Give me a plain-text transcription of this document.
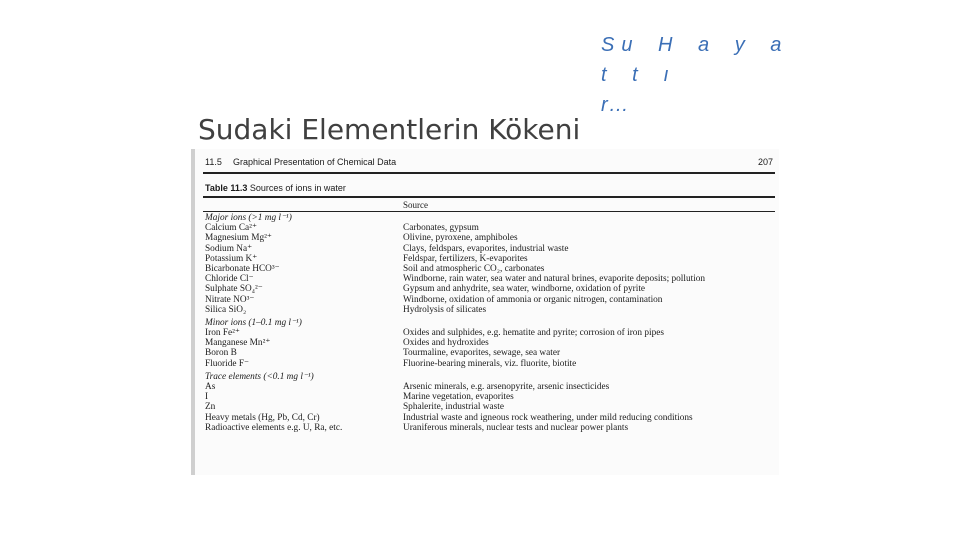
Su H a y a t t ı
r…
Sudaki Elementlerin Kökeni
11.5 Graphical Presentation of Chemical Data	207
Table 11.3 Sources of ions in water
Source
Major ions (>1 mg l⁻¹)
Calcium Ca²⁺	Carbonates, gypsum
Magnesium Mg²⁺	Olivine, pyroxene, amphiboles
Sodium Na⁺	Clays, feldspars, evaporites, industrial waste
Potassium K⁺	Feldspar, fertilizers, K-evaporites
Bicarbonate HCO³⁻	Soil and atmospheric CO₂, carbonates
Chloride Cl⁻	Windborne, rain water, sea water and natural brines, evaporite deposits; pollution
Sulphate SO₄²⁻	Gypsum and anhydrite, sea water, windborne, oxidation of pyrite
Nitrate NO³⁻	Windborne, oxidation of ammonia or organic nitrogen, contamination
Silica SiO₂	Hydrolysis of silicates
Minor ions (1–0.1 mg l⁻¹)
Iron Fe²⁺	Oxides and sulphides, e.g. hematite and pyrite; corrosion of iron pipes
Manganese Mn²⁺	Oxides and hydroxides
Boron B	Tourmaline, evaporites, sewage, sea water
Fluoride F⁻	Fluorine-bearing minerals, viz. fluorite, biotite
Trace elements (<0.1 mg l⁻¹)
As	Arsenic minerals, e.g. arsenopyrite, arsenic insecticides
I	Marine vegetation, evaporites
Zn	Sphalerite, industrial waste
Heavy metals (Hg, Pb, Cd, Cr)	Industrial waste and igneous rock weathering, under mild reducing conditions
Radioactive elements e.g. U, Ra, etc.	Uraniferous minerals, nuclear tests and nuclear power plants
